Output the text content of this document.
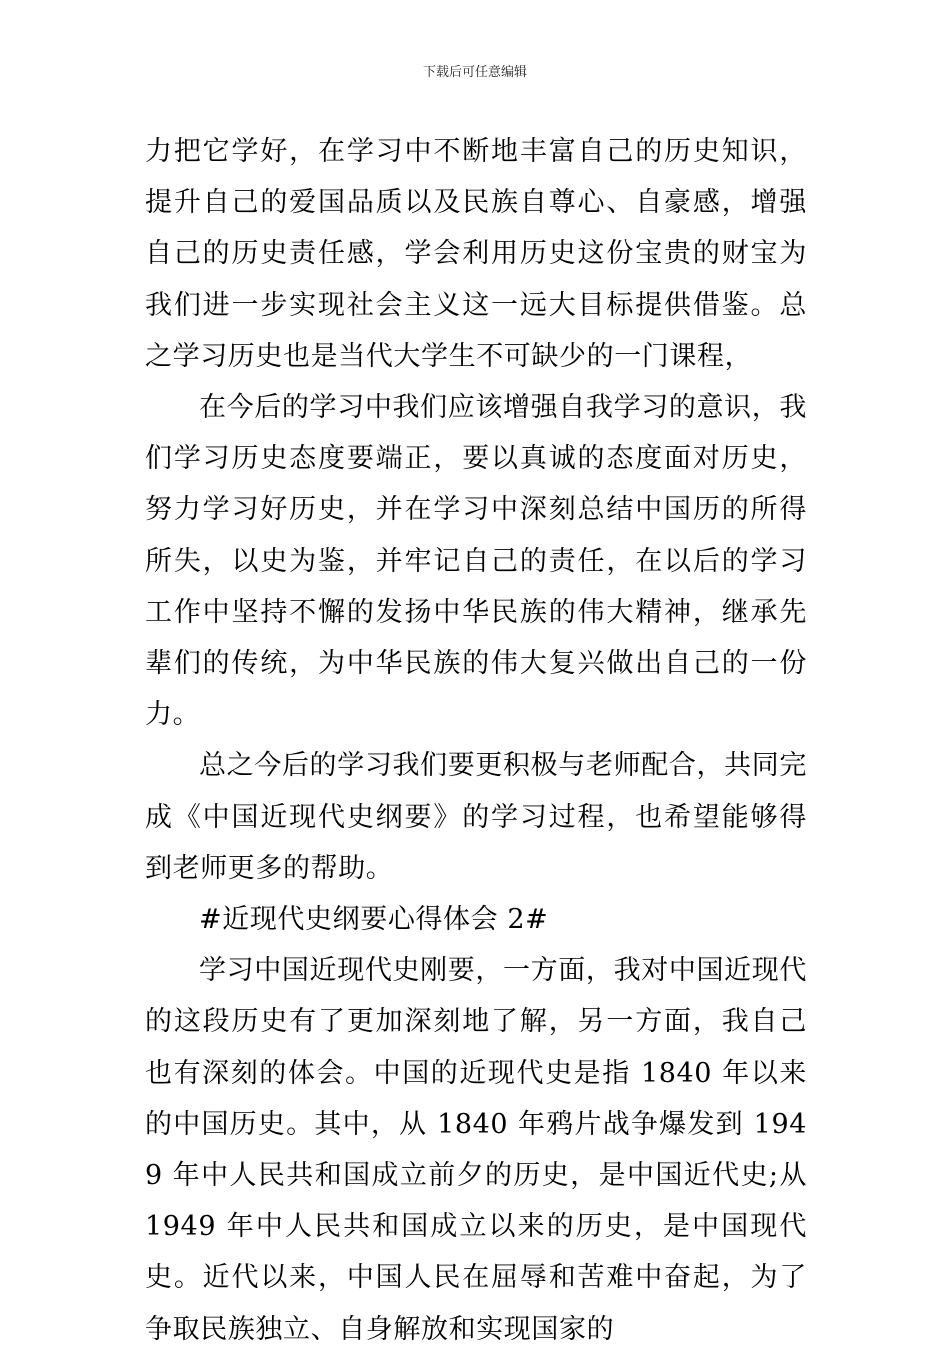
下载后可任意编辑

力把它学好，在学习中不断地丰富自己的历史知识，提升自己的爱国品质以及民族自尊心、自豪感，增强自己的历史责任感，学会利用历史这份宝贵的财宝为我们进一步实现社会主义这一远大目标提供借鉴。总之学习历史也是当代大学生不可缺少的一门课程，

在今后的学习中我们应该增强自我学习的意识，我们学习历史态度要端正，要以真诚的态度面对历史，努力学习好历史，并在学习中深刻总结中国历的所得所失，以史为鉴，并牢记自己的责任，在以后的学习工作中坚持不懈的发扬中华民族的伟大精神，继承先辈们的传统，为中华民族的伟大复兴做出自己的一份力。

总之今后的学习我们要更积极与老师配合，共同完成《中国近现代史纲要》的学习过程，也希望能够得到老师更多的帮助。

#近现代史纲要心得体会 2#

学习中国近现代史刚要，一方面，我对中国近现代的这段历史有了更加深刻地了解，另一方面，我自己也有深刻的体会。中国的近现代史是指 1840 年以来的中国历史。其中，从 1840 年鸦片战争爆发到 1949 年中人民共和国成立前夕的历史，是中国近代史;从 1949 年中人民共和国成立以来的历史，是中国现代史。近代以来，中国人民在屈辱和苦难中奋起，为了争取民族独立、自身解放和实现国家的
